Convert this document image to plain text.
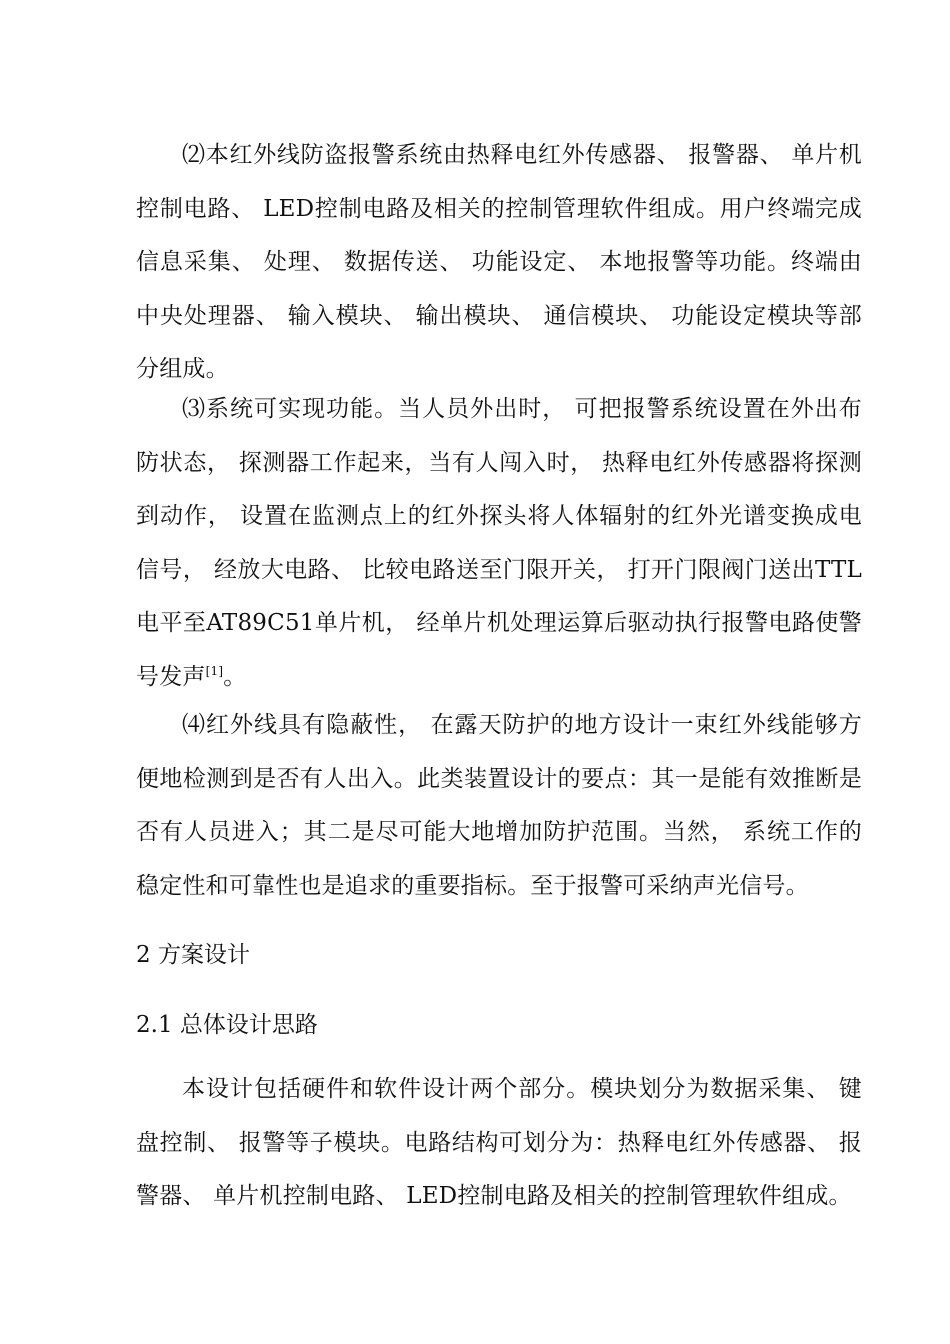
⑵本红外线防盗报警系统由热释电红外传感器、 报警器、 单片机控制电路、 LED控制电路及相关的控制管理软件组成。用户终端完成信息采集、 处理、 数据传送、 功能设定、 本地报警等功能。终端由中央处理器、 输入模块、 输出模块、 通信模块、 功能设定模块等部分组成。

⑶系统可实现功能。当人员外出时， 可把报警系统设置在外出布防状态， 探测器工作起来，当有人闯入时， 热释电红外传感器将探测到动作， 设置在监测点上的红外探头将人体辐射的红外光谱变换成电信号， 经放大电路、 比较电路送至门限开关， 打开门限阀门送出TTL 电平至AT89C51单片机， 经单片机处理运算后驱动执行报警电路使警号发声[1]。

⑷红外线具有隐蔽性， 在露天防护的地方设计一束红外线能够方便地检测到是否有人出入。此类装置设计的要点：其一是能有效推断是否有人员进入；其二是尽可能大地增加防护范围。当然， 系统工作的稳定性和可靠性也是追求的重要指标。至于报警可采纳声光信号。

2 方案设计
2.1 总体设计思路

本设计包括硬件和软件设计两个部分。模块划分为数据采集、 键盘控制、 报警等子模块。电路结构可划分为：热释电红外传感器、 报警器、 单片机控制电路、 LED控制电路及相关的控制管理软件组成。
